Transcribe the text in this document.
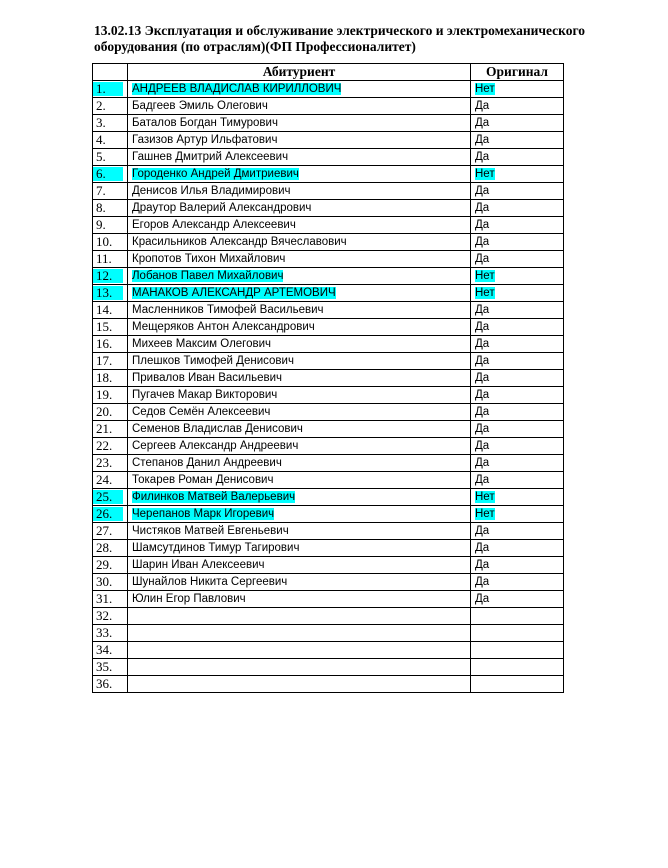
13.02.13 Эксплуатация и обслуживание электрического и электромеханического
оборудования (по отраслям)(ФП Профессионалитет)
	Абитуриент	Оригинал
1.	АНДРЕЕВ ВЛАДИСЛАВ КИРИЛЛОВИЧ	Нет
2.	Бадгеев Эмиль Олегович	Да
3.	Баталов Богдан Тимурович	Да
4.	Газизов Артур Ильфатович	Да
5.	Гашнев Дмитрий Алексеевич	Да
6.	Городенко Андрей Дмитриевич	Нет
7.	Денисов Илья Владимирович	Да
8.	Драутор Валерий Александрович	Да
9.	Егоров Александр Алексеевич	Да
10.	Красильников Александр Вячеславович	Да
11.	Кропотов Тихон Михайлович	Да
12.	Лобанов Павел Михайлович	Нет
13.	МАНАКОВ АЛЕКСАНДР АРТЕМОВИЧ	Нет
14.	Масленников Тимофей Васильевич	Да
15.	Мещеряков Антон Александрович	Да
16.	Михеев Максим Олегович	Да
17.	Плешков Тимофей Денисович	Да
18.	Привалов Иван Васильевич	Да
19.	Пугачев Макар Викторович	Да
20.	Седов Семён Алексеевич	Да
21.	Семенов Владислав Денисович	Да
22.	Сергеев Александр Андреевич	Да
23.	Степанов Данил Андреевич	Да
24.	Токарев Роман Денисович	Да
25.	Филинков Матвей Валерьевич	Нет
26.	Черепанов Марк Игоревич	Нет
27.	Чистяков Матвей Евгеньевич	Да
28.	Шамсутдинов Тимур Тагирович	Да
29.	Шарин Иван Алексеевич	Да
30.	Шунайлов Никита Сергеевич	Да
31.	Юлин Егор Павлович	Да
32.		
33.		
34.		
35.		
36.		
